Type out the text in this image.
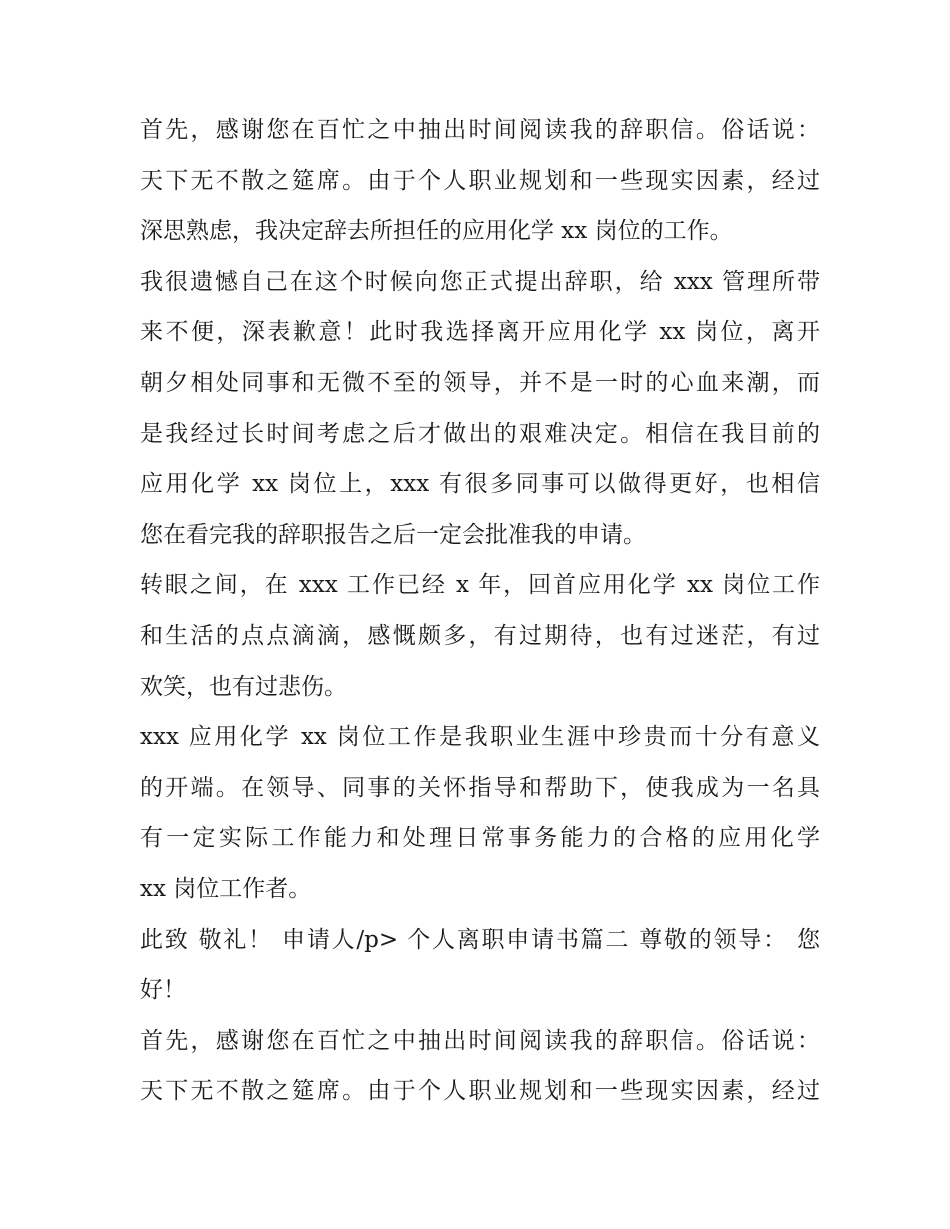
首先，感谢您在百忙之中抽出时间阅读我的辞职信。俗话说：
天下无不散之筵席。由于个人职业规划和一些现实因素，经过
深思熟虑，我决定辞去所担任的应用化学 xx 岗位的工作。
我很遗憾自己在这个时候向您正式提出辞职，给 xxx 管理所带
来不便，深表歉意！此时我选择离开应用化学 xx 岗位，离开
朝夕相处同事和无微不至的领导，并不是一时的心血来潮，而
是我经过长时间考虑之后才做出的艰难决定。相信在我目前的
应用化学 xx 岗位上，xxx 有很多同事可以做得更好，也相信
您在看完我的辞职报告之后一定会批准我的申请。
转眼之间，在 xxx 工作已经 x 年，回首应用化学 xx 岗位工作
和生活的点点滴滴，感慨颇多，有过期待，也有过迷茫，有过
欢笑，也有过悲伤。
xxx 应用化学 xx 岗位工作是我职业生涯中珍贵而十分有意义
的开端。在领导、同事的关怀指导和帮助下，使我成为一名具
有一定实际工作能力和处理日常事务能力的合格的应用化学
xx 岗位工作者。
此致 敬礼！ 申请人/p> 个人离职申请书篇二 尊敬的领导： 您
好！
首先，感谢您在百忙之中抽出时间阅读我的辞职信。俗话说：
天下无不散之筵席。由于个人职业规划和一些现实因素，经过
